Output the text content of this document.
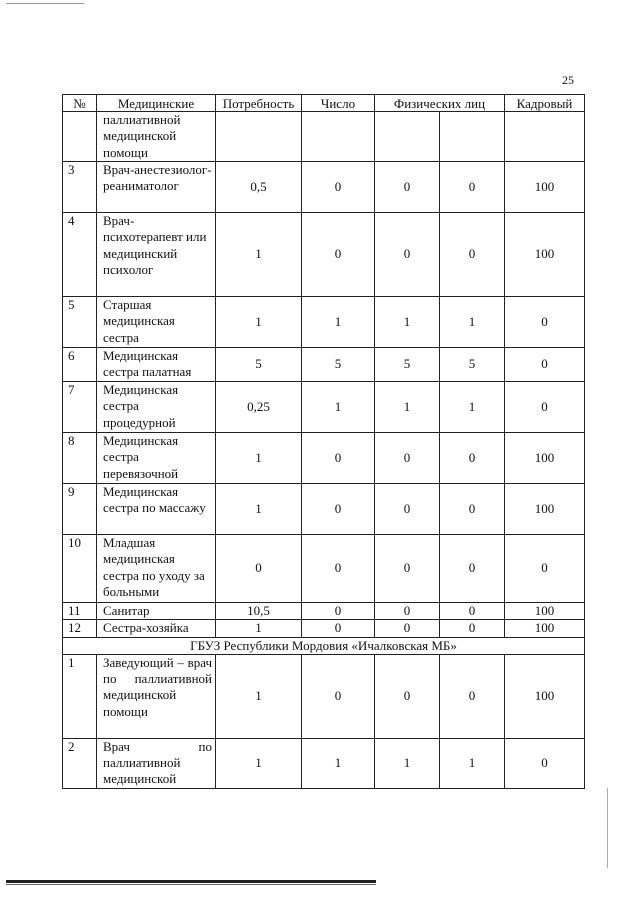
25
№	Медицинские	Потребность	Число	Физических лиц		Кадровый
	паллиативной медицинской помощи					
3	Врач-анестезиолог-реаниматолог	0,5	0	0	0	100
4	Врач-психотерапевт или медицинский психолог	1	0	0	0	100
5	Старшая медицинская сестра	1	1	1	1	0
6	Медицинская сестра палатная	5	5	5	5	0
7	Медицинская сестра процедурной	0,25	1	1	1	0
8	Медицинская сестра перевязочной	1	0	0	0	100
9	Медицинская сестра по массажу	1	0	0	0	100
10	Младшая медицинская сестра по уходу за больными	0	0	0	0	0
11	Санитар	10,5	0	0	0	100
12	Сестра-хозяйка	1	0	0	0	100
ГБУЗ Республики Мордовия «Ичалковская МБ»						
1	Заведующий – врач по паллиативной медицинской помощи	1	0	0	0	100
2	Врач по паллиативной медицинской	1	1	1	1	0
